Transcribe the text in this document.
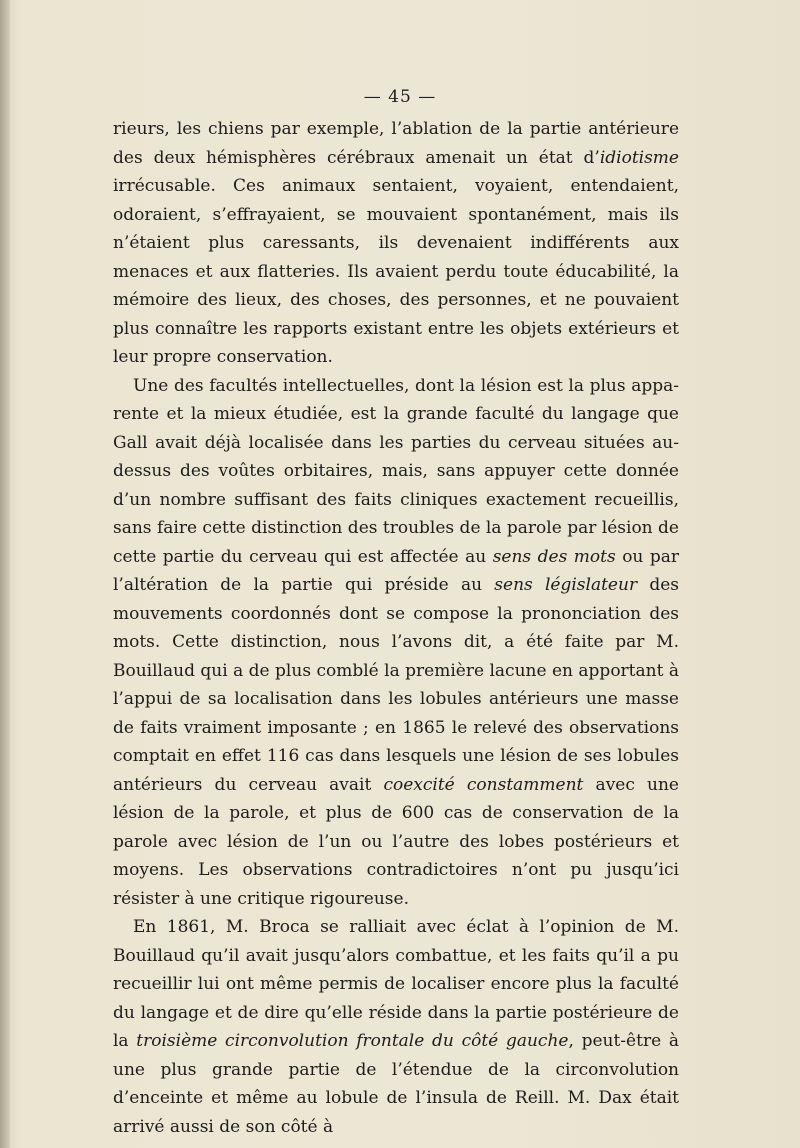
— 45 —

rieurs, les chiens par exemple, l’ablation de la partie antérieure des deux hémisphères cérébraux amenait un état d’idiotisme irrécusable. Ces animaux sentaient, voyaient, entendaient, odoraient, s’effrayaient, se mouvaient spontanément, mais ils n’étaient plus caressants, ils devenaient indifférents aux menaces et aux flatteries. Ils avaient perdu toute éducabilité, la mémoire des lieux, des choses, des personnes, et ne pouvaient plus connaître les rapports existant entre les objets extérieurs et leur propre conservation.

Une des facultés intellectuelles, dont la lésion est la plus apparente et la mieux étudiée, est la grande faculté du langage que Gall avait déjà localisée dans les parties du cerveau situées au-dessus des voûtes orbitaires, mais, sans appuyer cette donnée d’un nombre suffisant des faits cliniques exactement recueillis, sans faire cette distinction des troubles de la parole par lésion de cette partie du cerveau qui est affectée au sens des mots ou par l’altération de la partie qui préside au sens législateur des mouvements coordonnés dont se compose la prononciation des mots. Cette distinction, nous l’avons dit, a été faite par M. Bouillaud qui a de plus comblé la première lacune en apportant à l’appui de sa localisation dans les lobules antérieurs une masse de faits vraiment imposante ; en 1865 le relevé des observations comptait en effet 116 cas dans lesquels une lésion de ses lobules antérieurs du cerveau avait coexcité constamment avec une lésion de la parole, et plus de 600 cas de conservation de la parole avec lésion de l’un ou l’autre des lobes postérieurs et moyens. Les observations contradictoires n’ont pu jusqu’ici résister à une critique rigoureuse.

En 1861, M. Broca se ralliait avec éclat à l’opinion de M. Bouillaud qu’il avait jusqu’alors combattue, et les faits qu’il a pu recueillir lui ont même permis de localiser encore plus la faculté du langage et de dire qu’elle réside dans la partie postérieure de la troisième circonvolution frontale du côté gauche, peut-être à une plus grande partie de l’étendue de la circonvolution d’enceinte et même au lobule de l’insula de Reill. M. Dax était arrivé aussi de son côté à
